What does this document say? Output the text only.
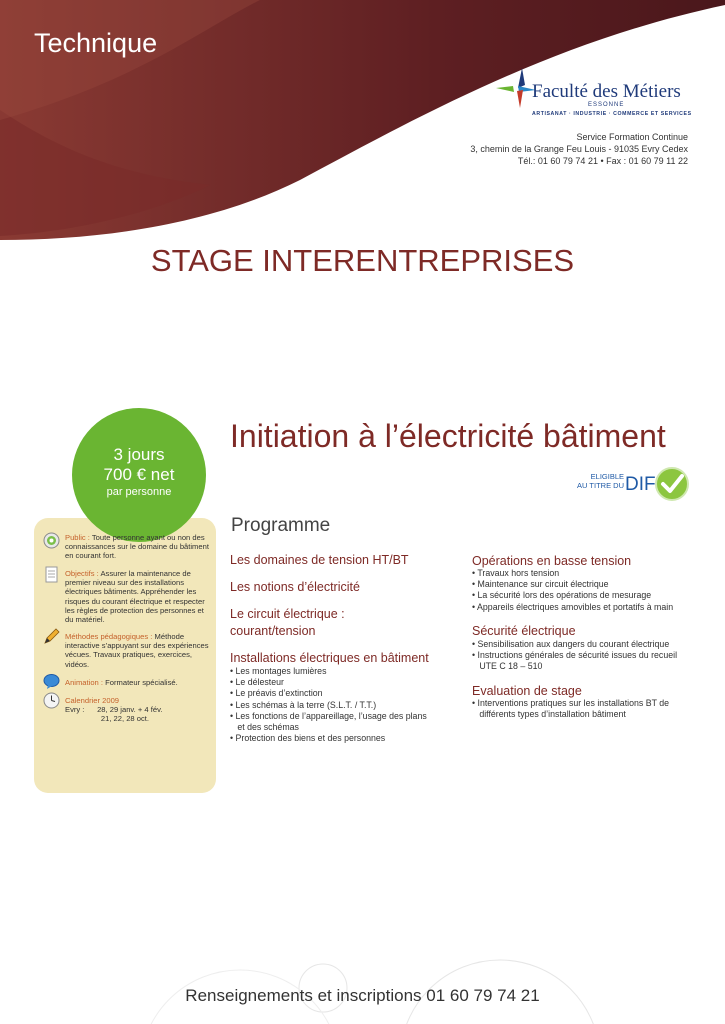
Technique
Faculté des Métiers
ESSONNE
ARTISANAT · INDUSTRIE · COMMERCE ET SERVICES
Service Formation Continue
3, chemin de la Grange Feu Louis - 91035 Evry Cedex
Tél.: 01 60 79 74 21 • Fax : 01 60 79 11 22
STAGE INTERENTREPRISES
Initiation à l’électricité bâtiment
ELIGIBLE
AU TITRE DU DIF
3 jours
700 € net
par personne
Public : Toute personne ayant ou non des connaissances sur le domaine du bâtiment en courant fort.
Objectifs : Assurer la maintenance de premier niveau sur des installations électriques bâtiments. Appréhender les risques du courant électrique et respecter les règles de protection des personnes et du matériel.
Méthodes pédagogiques : Méthode interactive s’appuyant sur des expériences vécues. Travaux pratiques, exercices, vidéos.
Animation : Formateur spécialisé.
Calendrier 2009
Evry :      28, 29 janv. + 4 fév.
21, 22, 28 oct.
Programme
Les domaines de tension HT/BT
Les notions d’électricité
Le circuit électrique :
courant/tension
Installations électriques en bâtiment
• Les montages lumières
• Le délesteur
• Le préavis d’extinction
• Les schémas à la terre (S.L.T. / T.T.)
• Les fonctions de l’appareillage, l’usage des plans
et des schémas
• Protection des biens et des personnes
Opérations en basse tension
• Travaux hors tension
• Maintenance sur circuit électrique
• La sécurité lors des opérations de mesurage
• Appareils électriques amovibles et portatifs à main
Sécurité électrique
• Sensibilisation aux dangers du courant électrique
• Instructions générales de sécurité issues du recueil
UTE C 18 – 510
Evaluation de stage
• Interventions pratiques sur les installations BT de
différents types d’installation bâtiment
Renseignements et inscriptions 01 60 79 74 21
